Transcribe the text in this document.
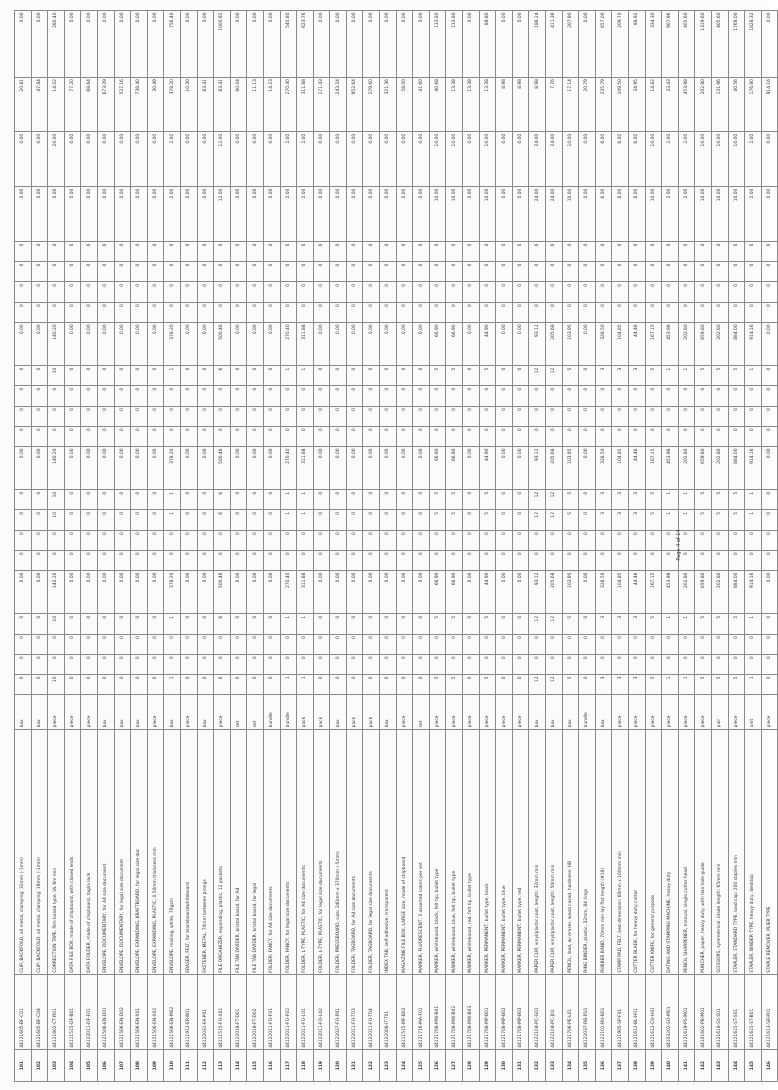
101	44121605-BF-C01	CLIP, BACKFOLD, all metal, clamping: 32mm (-1mm)	box	0	0	0	0	0.00	0	0	0	0	0.00	0	0	0	0	0.00	0	0	0	0	0.00	0.00	20.81	0.00
102	44121605-BF-C04	CLIP, BACKFOLD, all metal, clamping: 19mm (-1mm)	box	0	0	0	0	0.00	0	0	0	0	0.00	0	0	0	0	0.00	0	0	0	0	0.00	0.00	47.84	0.00
103	44121802-CT-R01	CORRECTION TAPE, film based type, UL 6m min	piece	10	0	0	10	140.20	0	0	10	10	140.20	0	0	0	10	140.20	0	0	0	0	0.00	20.00	14.02	280.40
104	44111515-DF-B01	DATA FILE BOX, made of chipboard, with closed ends	piece	0	0	0	0	0.00	0	0	0	0	0.00	0	0	0	0	0.00	0	0	0	0	0.00	0.00	77.20	0.00
105	44122011-DF-F01	DATA FOLDER, made of chipboard, taglia lock	piece	0	0	0	0	0.00	0	0	0	0	0.00	0	0	0	0	0.00	0	0	0	0	0.00	0.00	68.64	0.00
106	44121506-EN-D01	ENVELOPE, DOCUMENTARY, for A4 size document	box	0	0	0	0	0.00	0	0	0	0	0.00	0	0	0	0	0.00	0	0	0	0	0.00	0.00	673.09	0.00
107	44121506-EN-D02	ENVELOPE, DOCUMENTARY, for legal size document	box	0	0	0	0	0.00	0	0	0	0	0.00	0	0	0	0	0.00	0	0	0	0	0.00	0.00	527.16	0.00
108	44121506-EN-X01	ENVELOPE, EXPANDING, KRAFTBOARD, for legal size doc	box	0	0	0	0	0.00	0	0	0	0	0.00	0	0	0	0	0.00	0	0	0	0	0.00	0.00	738.40	0.00
109	44121506-EN-X02	ENVELOPE, EXPANDING, PLASTIC, 0.50mm thickness min	piece	0	0	0	0	0.00	0	0	0	0	0.00	0	0	0	0	0.00	0	0	0	0	0.00	0.00	30.49	0.00
110	44121506-EN-M02	ENVELOPE, mailing, white, 70gsm	box	1	0	0	1	378.20	0	0	1	1	378.20	0	0	0	1	378.20	0	0	0	0	2.00	2.00	378.20	756.40
111	44111912-ER-B01	ERASER, FELT, for blackboard/whiteboard	piece	0	0	0	0	0.00	0	0	0	0	0.00	0	0	0	0	0.00	0	0	0	0	0.00	0.00	10.30	0.00
112	44122031-FA-P01	FASTENER, METAL, 70mm between prongs	box	0	0	0	0	0.00	0	0	0	0	0.00	0	0	0	0	0.00	0	0	0	0	0.00	0.00	83.41	0.00
113	44111515-FO-X01	FILE ORGANIZER, expanding, plastic, 12 pockets	piece	6	0	0	6	500.46	0	0	6	6	500.46	0	0	0	6	500.46	0	0	0	0	12.00	12.00	83.41	1000.92
114	44122018-FT-D01	FILE TAB DIVIDER, bristol board, for A4	set	0	0	0	0	0.00	0	0	0	0	0.00	0	0	0	0	0.00	0	0	0	0	0.00	0.00	80.04	0.00
115	44122018-FT-D02	FILE TAB DIVIDER, bristol board, for legal	set	0	0	0	0	0.00	0	0	0	0	0.00	0	0	0	0	0.00	0	0	0	0	0.00	0.00	11.13	0.00
116	44122011-FO-F01	FOLDER, FANCY, for A4 size documents	bundle	0	0	0	0	0.00	0	0	0	0	0.00	0	0	0	0	0.00	0	0	0	0	0.00	0.00	14.23	0.00
117	44122011-FO-F02	FOLDER, FANCY, for legal size documents	bundle	1	0	0	1	270.40	0	0	1	1	270.40	0	0	0	1	270.40	0	0	0	0	2.00	2.00	270.40	540.80
118	44122011-FO-L01	FOLDER, L-TYPE, PLASTIC, for A4 size documents	pack	1	0	0	1	311.88	0	0	1	1	311.88	0	0	0	1	311.88	0	0	0	0	2.00	2.00	311.88	623.76
119	44122011-FO-L02	FOLDER, L-TYPE, PLASTIC, for legal size documents	pack	0	0	0	0	0.00	0	0	0	0	0.00	0	0	0	0	0.00	0	0	0	0	0.00	0.00	171.43	0.00
120	44122027-FO-P01	FOLDER, PRESSBOARD, size: 240mm x 370mm (-5mm)	box	0	0	0	0	0.00	0	0	0	0	0.00	0	0	0	0	0.00	0	0	0	0	0.00	0.00	243.24	0.00
121	44122011-FO-T03	FOLDER, TAGBOARD, for A4 size documents	pack	0	0	0	0	0.00	0	0	0	0	0.00	0	0	0	0	0.00	0	0	0	0	0.00	0.00	952.64	0.00
122	44122011-FO-T04	FOLDER, TAGBOARD, for legal size documents	pack	0	0	0	0	0.00	0	0	0	0	0.00	0	0	0	0	0.00	0	0	0	0	0.00	0.00	279.60	0.00
123	44122008-IT-T01	INDEX TAB, self-adhesive, transparent	box	0	0	0	0	0.00	0	0	0	0	0.00	0	0	0	0	0.00	0	0	0	0	0.00	0.00	321.36	0.00
124	44111515-MF-B02	MAGAZINE FILE BOX, LARGE size, made of chipboard	piece	0	0	0	0	0.00	0	0	0	0	0.00	0	0	0	0	0.00	0	0	0	0	0.00	0.00	58.00	0.00
125	44121716-MA-F01	MARKER, FLUORESCENT, 3 assorted colors per set	set	0	0	0	0	0.00	0	0	0	0	0.00	0	0	0	0	0.00	0	0	0	0	0.00	0.00	41.60	0.00
126	44121708-MW-B01	MARKER, whiteboard, black, felt tip, bullet type	piece	5	0	0	5	66.90	0	0	5	5	66.90	0	0	0	5	66.90	0	0	0	0	10.00	10.00	40.68	133.80
127	44121708-MW-B02	MARKER, whiteboard, blue, felt tip, bullet type	piece	5	0	0	5	66.90	0	0	5	5	66.90	0	0	0	5	66.90	0	0	0	0	10.00	10.00	13.38	133.80
128	44121708-MW-B03	MARKER, whiteboard, red, felt tip, bullet type	piece	0	0	0	0	0.00	0	0	0	0	0.00	0	0	0	0	0.00	0	0	0	0	0.00	0.00	13.38	0.00
129	44121708-MP-B01	MARKER, PERMANENT, bullet type, black	piece	5	0	0	5	44.90	0	0	5	5	44.90	0	0	0	5	44.90	0	0	0	0	10.00	10.00	13.38	89.80
130	44121708-MP-B02	MARKER, PERMANENT, bullet type, blue	piece	0	0	0	0	0.00	0	0	0	0	0.00	0	0	0	0	0.00	0	0	0	0	0.00	0.00	8.98	0.00
131	44121708-MP-B03	MARKER, PERMANENT, bullet type, red	piece	0	0	0	0	0.00	0	0	0	0	0.00	0	0	0	0	0.00	0	0	0	0	0.00	0.00	8.98	0.00
132	44122104-PC-G01	PAPER CLIP, vinyl/plastic coat, length: 32mm min	box	12	0	0	12	93.12	0	0	12	12	93.12	0	0	0	12	93.12	0	0	0	0	24.00	24.00	8.98	186.24
133	44122104-PC-J02	PAPER CLIP, vinyl/plastic coat, length: 50mm min	box	12	0	0	12	205.68	0	0	12	12	205.68	0	0	0	12	205.68	0	0	0	0	24.00	24.00	7.76	411.36
134	44121706-PE-L01	PENCIL, lead, w/ eraser, wood cased, hardness: HB	box	5	0	0	5	103.95	0	0	5	5	103.95	0	0	0	5	103.95	0	0	0	0	10.00	10.00	17.14	207.90
135	44122037-RB-P10	RING BINDER, plastic, 32mm, 84 rings	bundle	0	0	0	0	0.00	0	0	0	0	0.00	0	0	0	0	0.00	0	0	0	0	0.00	0.00	20.79	0.00
136	44122101-RU-B01	RUBBER BAND, 70mm min lay flat length (#18)	box	3	0	0	3	328.50	0	0	3	3	328.50	0	0	0	3	328.50	0	0	0	0	6.00	6.00	235.79	657.00
137	44121905-SP-F01	STAMP PAD, FELT, bed dimension: 60mm x 100mm min	piece	3	0	0	3	104.85	0	0	3	3	104.85	0	0	0	3	104.85	0	0	0	0	6.00	6.00	109.50	209.70
138	44121612-BL-H01	CUTTER BLADE, for heavy duty cutter	piece	3	0	0	3	44.46	0	0	3	3	44.46	0	0	0	3	44.46	0	0	0	0	6.00	6.00	34.95	88.92
139	44121612-CU-H01	CUTTER KNIFE, for general purpose	piece	5	0	0	5	167.15	0	0	5	5	167.15	0	0	0	5	167.15	0	0	0	0	10.00	10.00	14.82	334.30
140	44103202-SO-M01	DATING AND STAMPING MACHINE, heavy duty	piece	1	0	0	1	453.98	0	0	1	1	453.98	0	0	0	1	453.98	0	0	0	0	2.00	2.00	33.43	907.96
141	44121619-PS-M01	PENCIL SHARPENER, manual, single cutter head	piece	1	0	0	1	202.80	0	0	1	1	202.80	0	0	0	1	202.80	0	0	0	0	2.00	2.00	453.98	405.60
142	44101602-PB-M01	PUNCHER, paper, heavy duty, with two hole guide	piece	5	0	0	5	659.80	0	0	5	5	659.80	0	0	0	5	659.80	0	0	0	0	10.00	10.00	202.80	1319.60
143	44121618-SS-S01	SCISSORS, symmetrical, blade length: 65mm min	pair	5	0	0	5	202.80	0	0	5	5	202.80	0	0	0	5	202.80	0	0	0	0	10.00	10.00	131.96	405.60
144	44121615-ST-S01	STAPLER, STANDARD TYPE, load cap: 200 staples min	piece	5	0	0	5	884.00	0	0	5	5	884.00	0	0	0	5	884.00	0	0	0	0	10.00	10.00	40.56	1768.00
145	44121615-ST-B01	STAPLER, BINDER TYPE, heavy duty, desktop	unit	1	0	0	1	914.16	0	0	1	1	914.16	0	0	0	1	914.16	0	0	0	0	2.00	2.00	176.80	1828.32
146	44121613-SR-P01	STAPLE REMOVER, PLIER TYPE	piece	0	0	0	0	0.00	0	0	0	0	0.00	0	0	0	0	0.00	0	0	0	0	0.00	0.00	914.16	0.00
Page 4 of 14
